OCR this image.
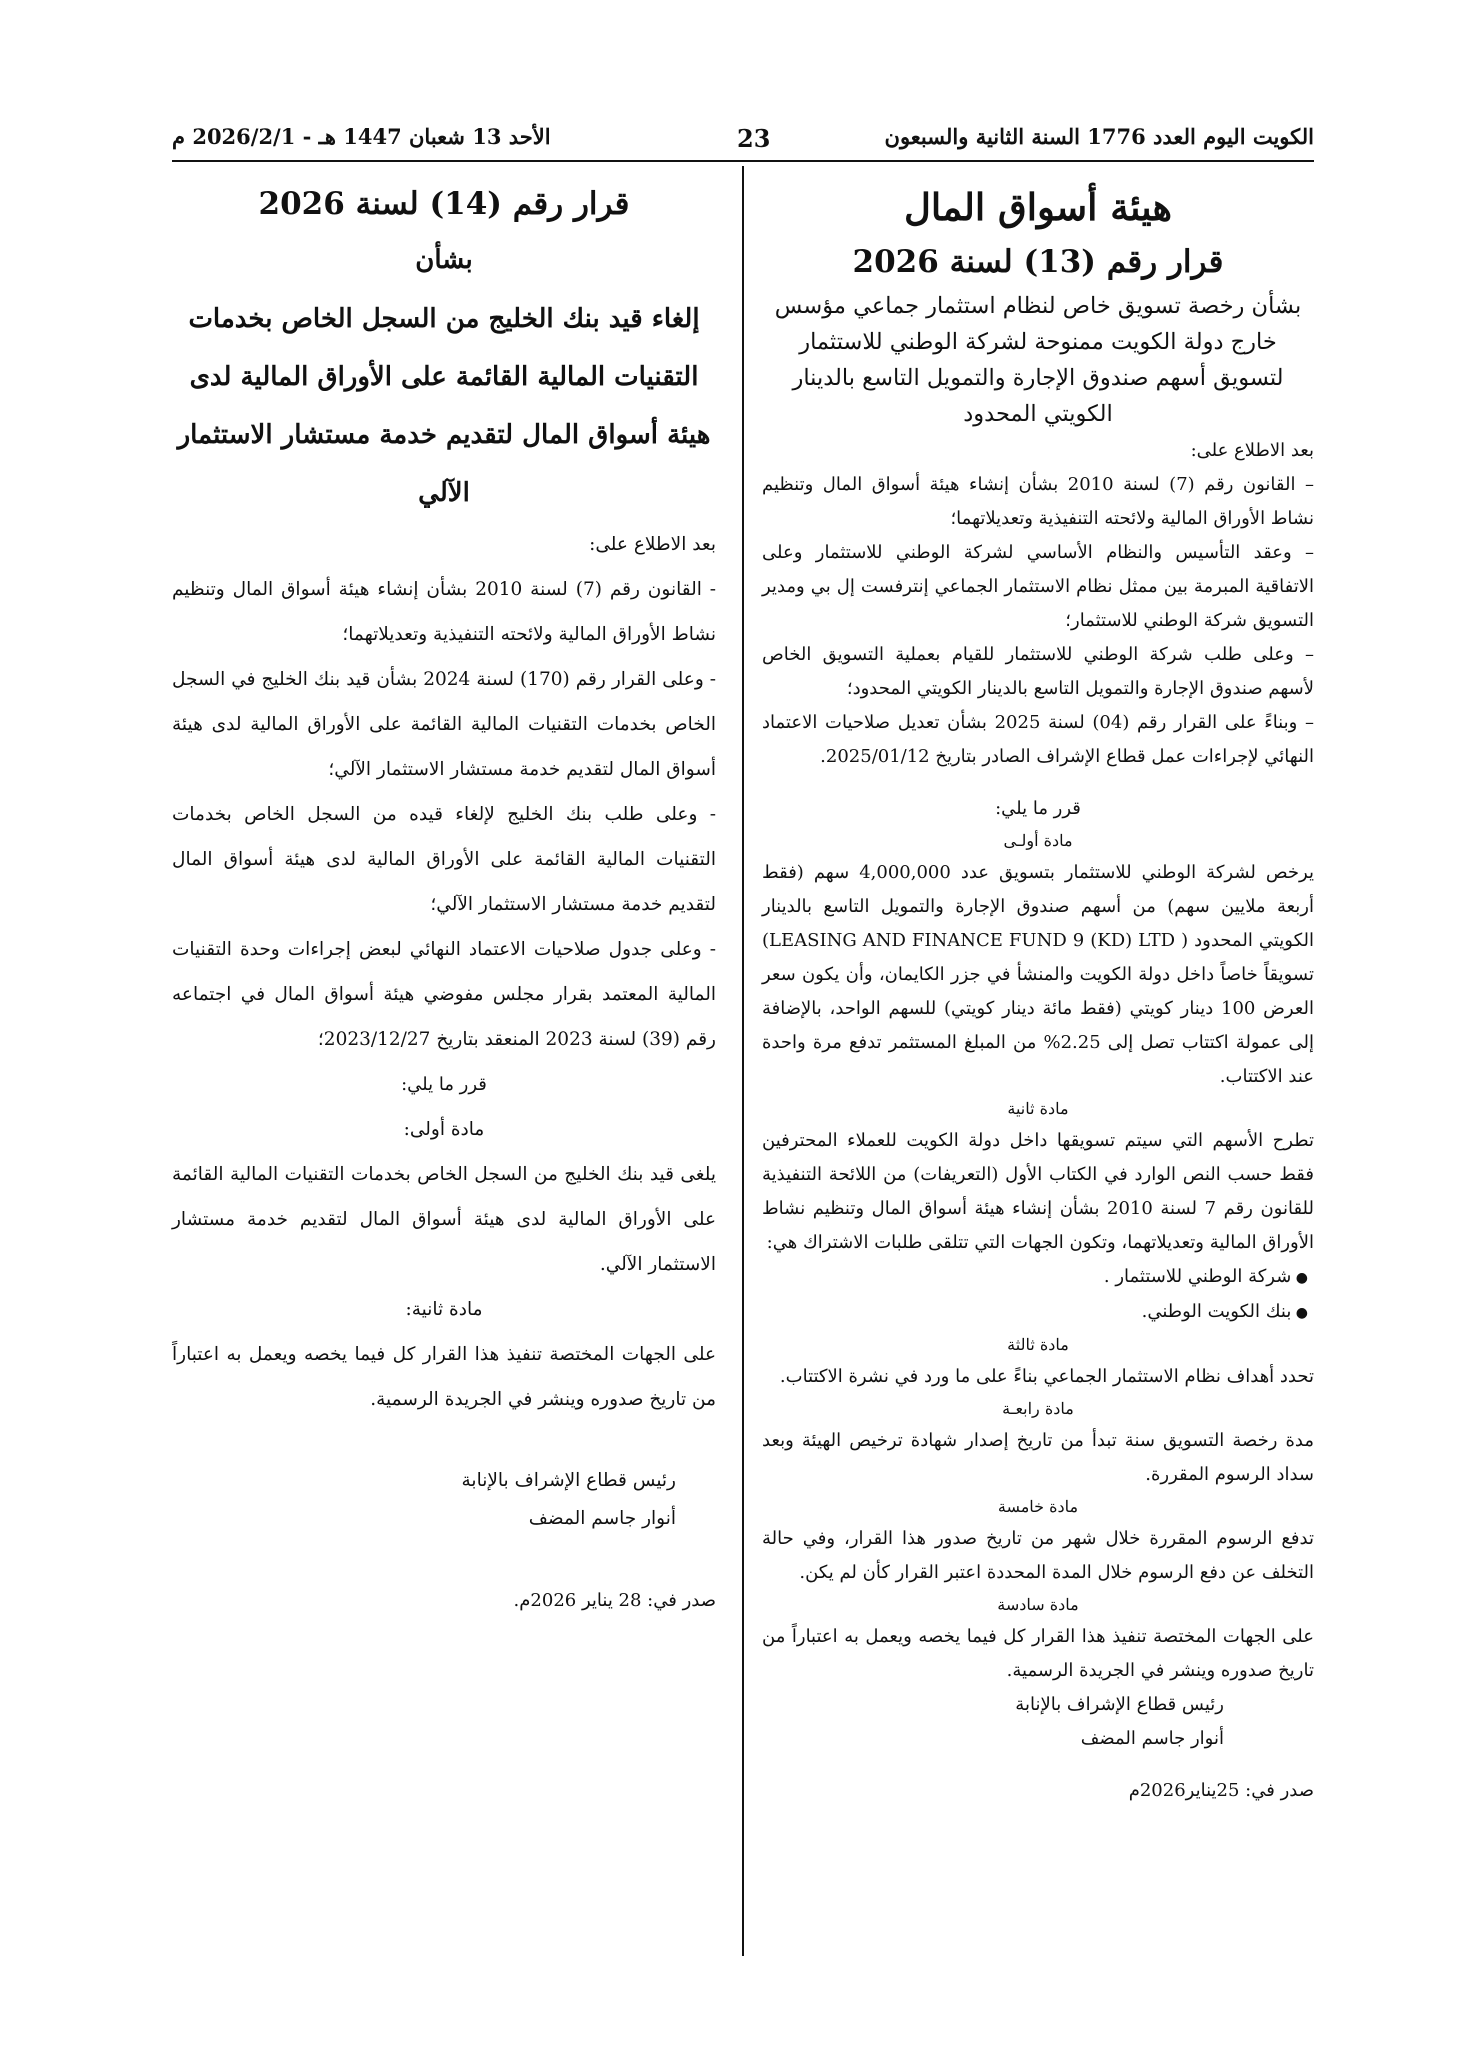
الكويت اليوم العدد 1776 السنة الثانية والسبعون
23
الأحد 13 شعبان 1447 هـ - 2026/2/1 م
هيئة أسواق المال
قرار رقم (13) لسنة 2026

بشأن رخصة تسويق خاص لنظام استثمار جماعي مؤسس خارج دولة الكويت ممنوحة لشركة الوطني للاستثمار لتسويق أسهم صندوق الإجارة والتمويل التاسع بالدينار الكويتي المحدود

بعد الاطلاع على:

– القانون رقم (7) لسنة 2010 بشأن إنشاء هيئة أسواق المال وتنظيم نشاط الأوراق المالية ولائحته التنفيذية وتعديلاتهما؛

– وعقد التأسيس والنظام الأساسي لشركة الوطني للاستثمار وعلى الاتفاقية المبرمة بين ممثل نظام الاستثمار الجماعي إنترفست إل بي ومدير التسويق شركة الوطني للاستثمار؛

– وعلى طلب شركة الوطني للاستثمار للقيام بعملية التسويق الخاص لأسهم صندوق الإجارة والتمويل التاسع بالدينار الكويتي المحدود؛

– وبناءً على القرار رقم (04) لسنة 2025 بشأن تعديل صلاحيات الاعتماد النهائي لإجراءات عمل قطاع الإشراف الصادر بتاريخ 2025/01/12.

قرر ما يلي:

مادة أولـى

يرخص لشركة الوطني للاستثمار بتسويق عدد 4,000,000 سهم (فقط أربعة ملايين سهم) من أسهم صندوق الإجارة والتمويل التاسع بالدينار الكويتي المحدود ( LEASING AND FINANCE FUND 9 (KD) LTD) تسويقاً خاصاً داخل دولة الكويت والمنشأ في جزر الكايمان، وأن يكون سعر العرض 100 دينار كويتي (فقط مائة دينار كويتي) للسهم الواحد، بالإضافة إلى عمولة اكتتاب تصل إلى 2.25% من المبلغ المستثمر تدفع مرة واحدة عند الاكتتاب.

مادة ثانية

تطرح الأسهم التي سيتم تسويقها داخل دولة الكويت للعملاء المحترفين فقط حسب النص الوارد في الكتاب الأول (التعريفات) من اللائحة التنفيذية للقانون رقم 7 لسنة 2010 بشأن إنشاء هيئة أسواق المال وتنظيم نشاط الأوراق المالية وتعديلاتهما، وتكون الجهات التي تتلقى طلبات الاشتراك هي:

● شركة الوطني للاستثمار .
● بنك الكويت الوطني.

مادة ثالثة

تحدد أهداف نظام الاستثمار الجماعي بناءً على ما ورد في نشرة الاكتتاب.

مادة رابعـة

مدة رخصة التسويق سنة تبدأ من تاريخ إصدار شهادة ترخيص الهيئة وبعد سداد الرسوم المقررة.

مادة خامسة

تدفع الرسوم المقررة خلال شهر من تاريخ صدور هذا القرار، وفي حالة التخلف عن دفع الرسوم خلال المدة المحددة اعتبر القرار كأن لم يكن.

مادة سادسة

على الجهات المختصة تنفيذ هذا القرار كل فيما يخصه ويعمل به اعتباراً من تاريخ صدوره وينشر في الجريدة الرسمية.

رئيس قطاع الإشراف بالإنابة

أنوار جاسم المضف

صدر في: 25يناير2026م

قرار رقم (14) لسنة 2026

بشأن

إلغاء قيد بنك الخليج من السجل الخاص بخدمات التقنيات المالية القائمة على الأوراق المالية لدى هيئة أسواق المال لتقديم خدمة مستشار الاستثمار الآلي

بعد الاطلاع على:

- القانون رقم (7) لسنة 2010 بشأن إنشاء هيئة أسواق المال وتنظيم نشاط الأوراق المالية ولائحته التنفيذية وتعديلاتهما؛

- وعلى القرار رقم (170) لسنة 2024 بشأن قيد بنك الخليج في السجل الخاص بخدمات التقنيات المالية القائمة على الأوراق المالية لدى هيئة أسواق المال لتقديم خدمة مستشار الاستثمار الآلي؛

- وعلى طلب بنك الخليج لإلغاء قيده من السجل الخاص بخدمات التقنيات المالية القائمة على الأوراق المالية لدى هيئة أسواق المال لتقديم خدمة مستشار الاستثمار الآلي؛

- وعلى جدول صلاحيات الاعتماد النهائي لبعض إجراءات وحدة التقنيات المالية المعتمد بقرار مجلس مفوضي هيئة أسواق المال في اجتماعه رقم (39) لسنة 2023 المنعقد بتاريخ 2023/12/27؛

قرر ما يلي:

مادة أولى:

يلغى قيد بنك الخليج من السجل الخاص بخدمات التقنيات المالية القائمة على الأوراق المالية لدى هيئة أسواق المال لتقديم خدمة مستشار الاستثمار الآلي.

مادة ثانية:

على الجهات المختصة تنفيذ هذا القرار كل فيما يخصه ويعمل به اعتباراً من تاريخ صدوره وينشر في الجريدة الرسمية.

رئيس قطاع الإشراف بالإنابة

أنوار جاسم المضف

صدر في: 28 يناير 2026م.
